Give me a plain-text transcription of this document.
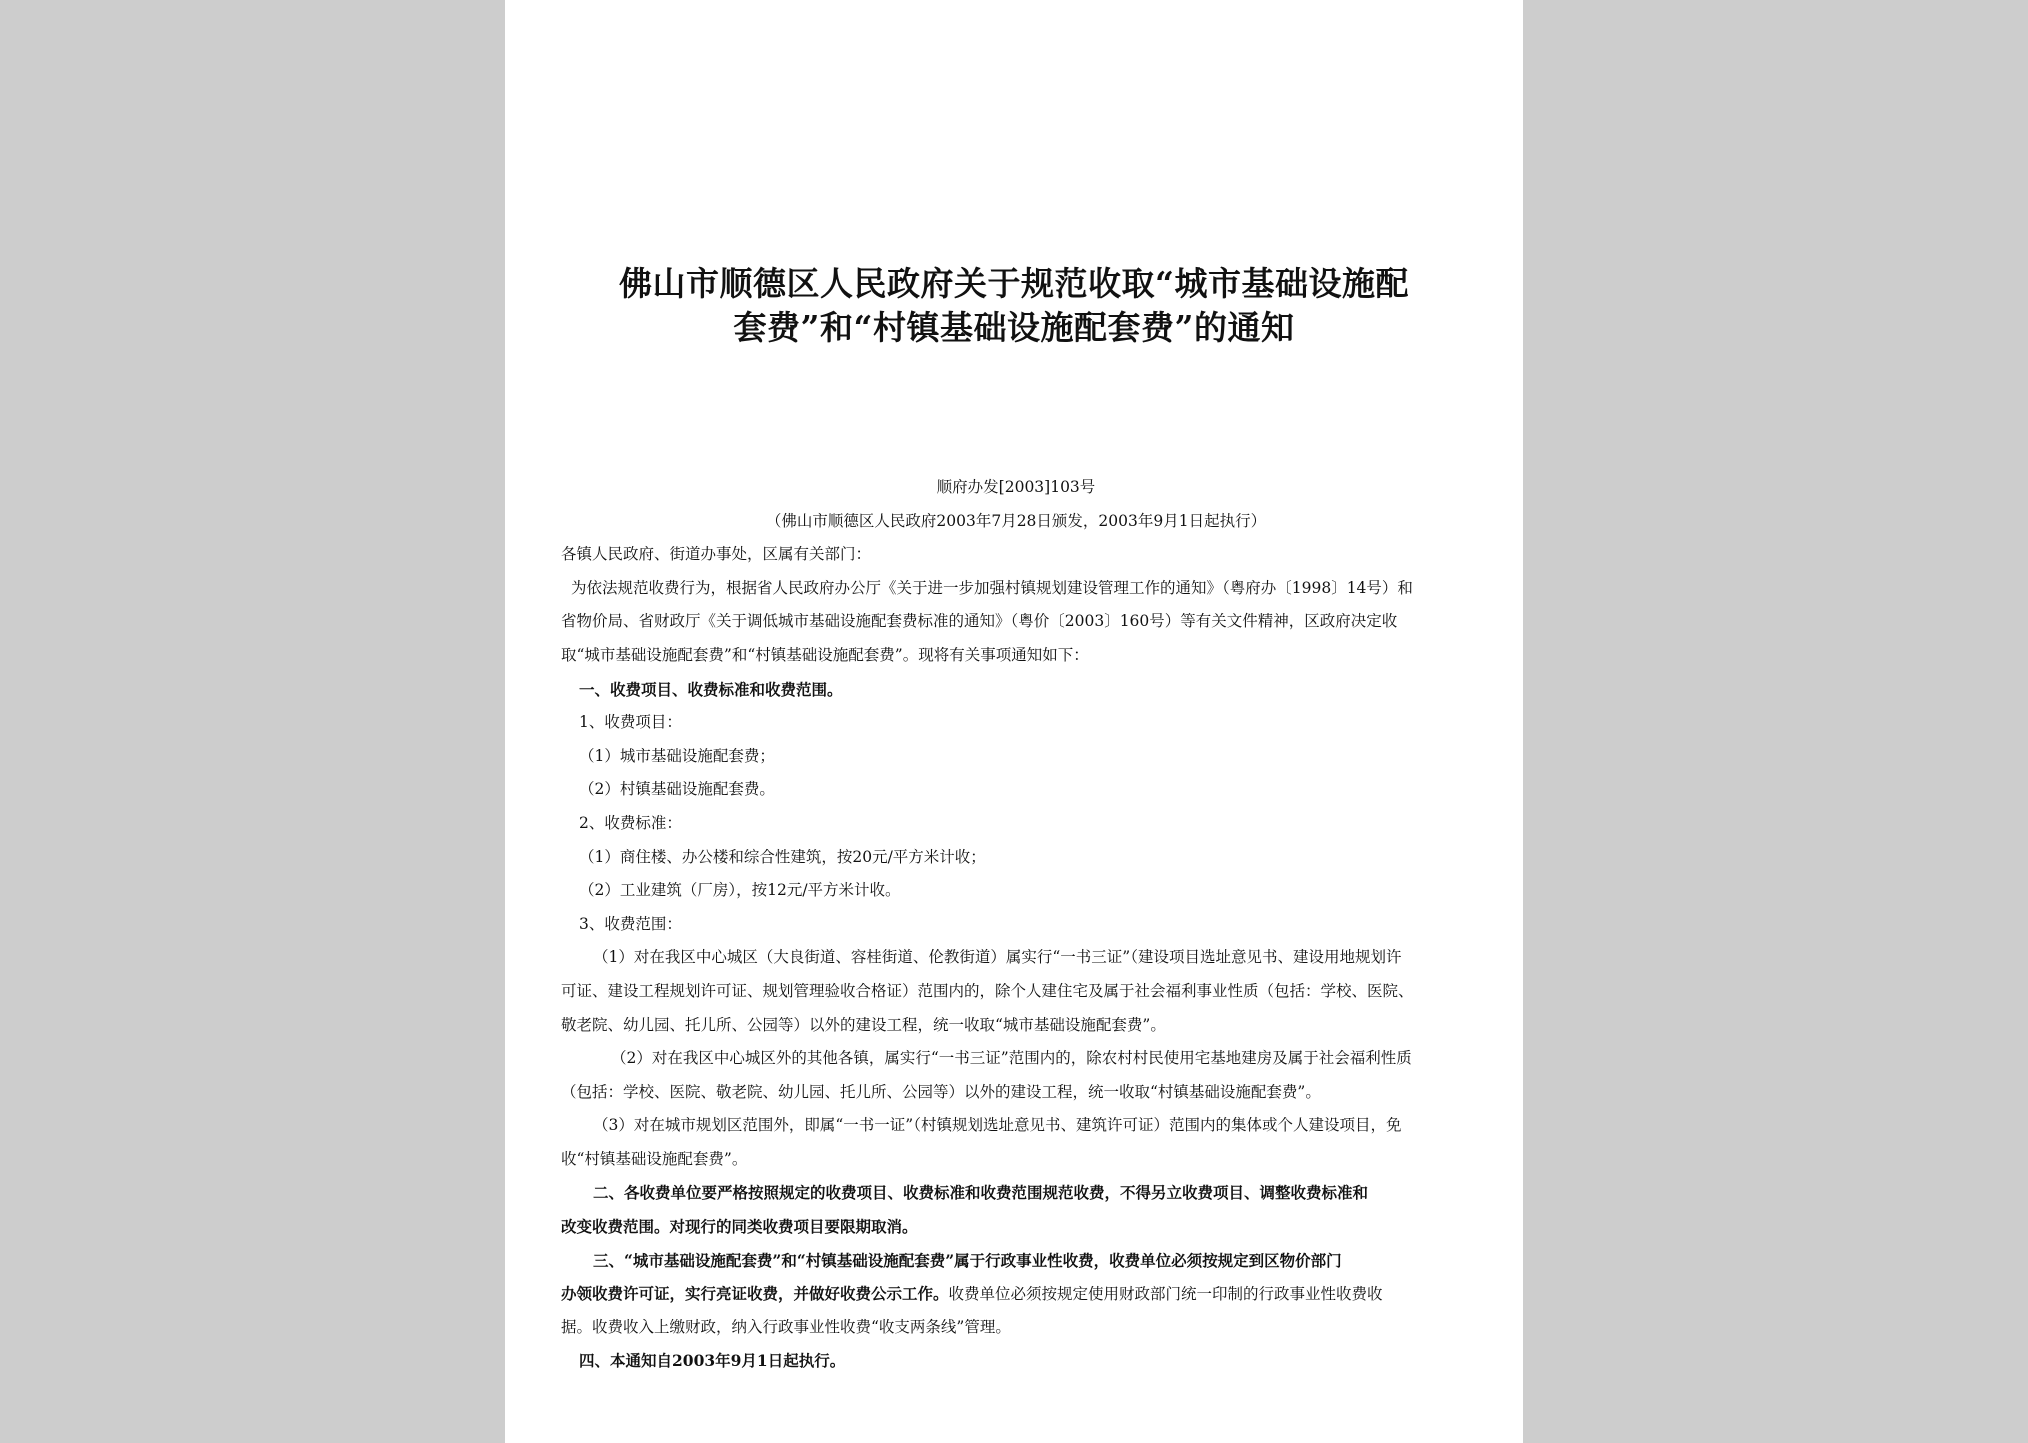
佛山市顺德区人民政府关于规范收取“城市基础设施配
套费”和“村镇基础设施配套费”的通知
顺府办发[2003]103号
（佛山市顺德区人民政府2003年7月28日颁发，2003年9月1日起执行）
各镇人民政府、街道办事处，区属有关部门：
为依法规范收费行为，根据省人民政府办公厅《关于进一步加强村镇规划建设管理工作的通知》（粤府办〔1998〕14号）和
省物价局、省财政厅《关于调低城市基础设施配套费标准的通知》（粤价〔2003〕160号）等有关文件精神，区政府决定收
取“城市基础设施配套费”和“村镇基础设施配套费”。现将有关事项通知如下：
一、收费项目、收费标准和收费范围。
1、收费项目：
（1）城市基础设施配套费；
（2）村镇基础设施配套费。
2、收费标准：
（1）商住楼、办公楼和综合性建筑，按20元/平方米计收；
（2）工业建筑（厂房），按12元/平方米计收。
3、收费范围：
（1）对在我区中心城区（大良街道、容桂街道、伦教街道）属实行“一书三证”（建设项目选址意见书、建设用地规划许
可证、建设工程规划许可证、规划管理验收合格证）范围内的，除个人建住宅及属于社会福利事业性质（包括：学校、医院、
敬老院、幼儿园、托儿所、公园等）以外的建设工程，统一收取“城市基础设施配套费”。
（2）对在我区中心城区外的其他各镇，属实行“一书三证”范围内的，除农村村民使用宅基地建房及属于社会福利性质
（包括：学校、医院、敬老院、幼儿园、托儿所、公园等）以外的建设工程，统一收取“村镇基础设施配套费”。
（3）对在城市规划区范围外，即属“一书一证”（村镇规划选址意见书、建筑许可证）范围内的集体或个人建设项目，免
收“村镇基础设施配套费”。
二、各收费单位要严格按照规定的收费项目、收费标准和收费范围规范收费，不得另立收费项目、调整收费标准和
改变收费范围。对现行的同类收费项目要限期取消。
三、“城市基础设施配套费”和“村镇基础设施配套费”属于行政事业性收费，收费单位必须按规定到区物价部门
办领收费许可证，实行亮证收费，并做好收费公示工作。收费单位必须按规定使用财政部门统一印制的行政事业性收费收
据。收费收入上缴财政，纳入行政事业性收费“收支两条线”管理。
四、本通知自2003年9月1日起执行。
